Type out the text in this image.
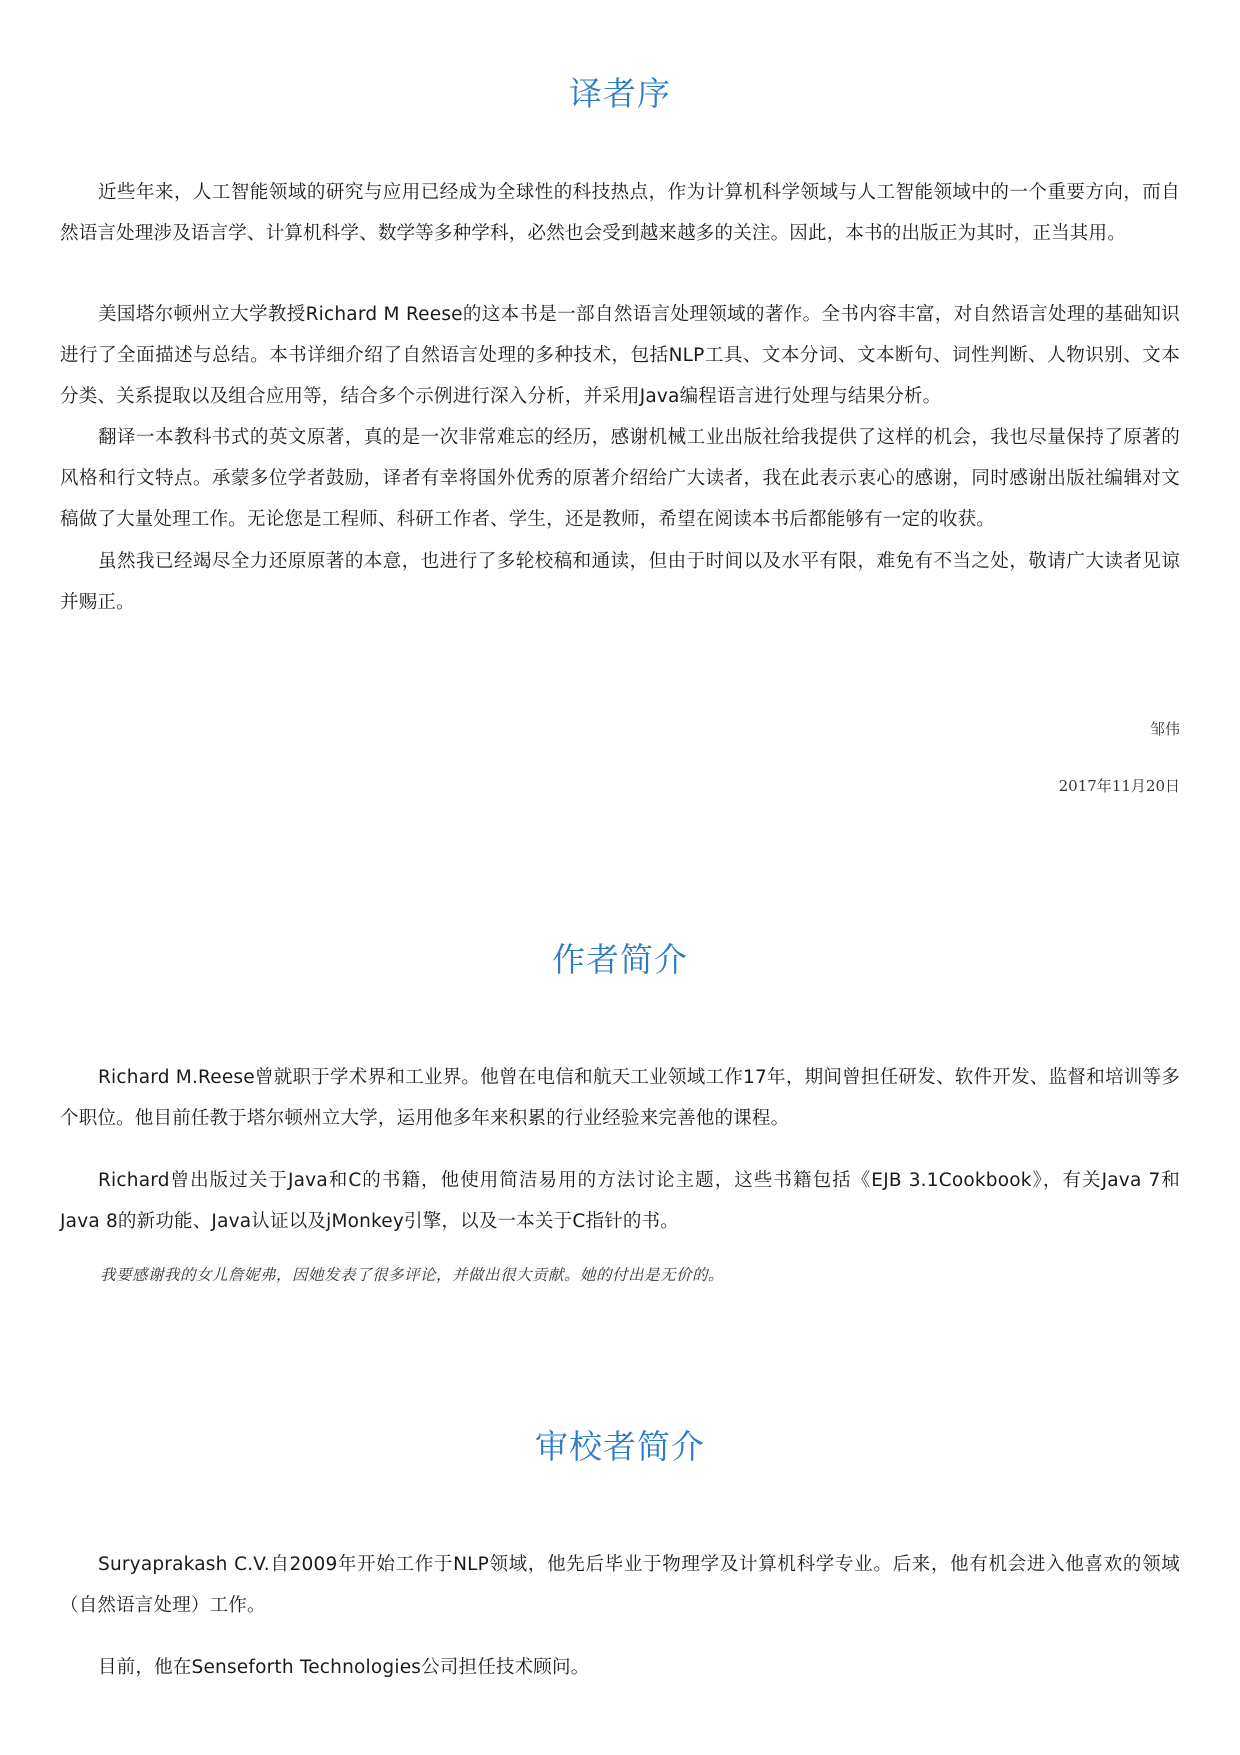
译者序

近些年来，人工智能领域的研究与应用已经成为全球性的科技热点，作为计算机科学领域与人工智能领域中的一个重要方向，而自然语言处理涉及语言学、计算机科学、数学等多种学科，必然也会受到越来越多的关注。因此，本书的出版正为其时，正当其用。

美国塔尔顿州立大学教授Richard M Reese的这本书是一部自然语言处理领域的著作。全书内容丰富，对自然语言处理的基础知识进行了全面描述与总结。本书详细介绍了自然语言处理的多种技术，包括NLP工具、文本分词、文本断句、词性判断、人物识别、文本分类、关系提取以及组合应用等，结合多个示例进行深入分析，并采用Java编程语言进行处理与结果分析。

翻译一本教科书式的英文原著，真的是一次非常难忘的经历，感谢机械工业出版社给我提供了这样的机会，我也尽量保持了原著的风格和行文特点。承蒙多位学者鼓励，译者有幸将国外优秀的原著介绍给广大读者，我在此表示衷心的感谢，同时感谢出版社编辑对文稿做了大量处理工作。无论您是工程师、科研工作者、学生，还是教师，希望在阅读本书后都能够有一定的收获。

虽然我已经竭尽全力还原原著的本意，也进行了多轮校稿和通读，但由于时间以及水平有限，难免有不当之处，敬请广大读者见谅并赐正。

邹伟

2017年11月20日

作者简介

Richard M.Reese曾就职于学术界和工业界。他曾在电信和航天工业领域工作17年，期间曾担任研发、软件开发、监督和培训等多个职位。他目前任教于塔尔顿州立大学，运用他多年来积累的行业经验来完善他的课程。

Richard曾出版过关于Java和C的书籍，他使用简洁易用的方法讨论主题，这些书籍包括《EJB 3.1Cookbook》，有关Java 7和Java 8的新功能、Java认证以及jMonkey引擎，以及一本关于C指针的书。

我要感谢我的女儿詹妮弗，因她发表了很多评论，并做出很大贡献。她的付出是无价的。

审校者简介

Suryaprakash C.V.自2009年开始工作于NLP领域，他先后毕业于物理学及计算机科学专业。后来，他有机会进入他喜欢的领域（自然语言处理）工作。

目前，他在Senseforth Technologies公司担任技术顾问。
